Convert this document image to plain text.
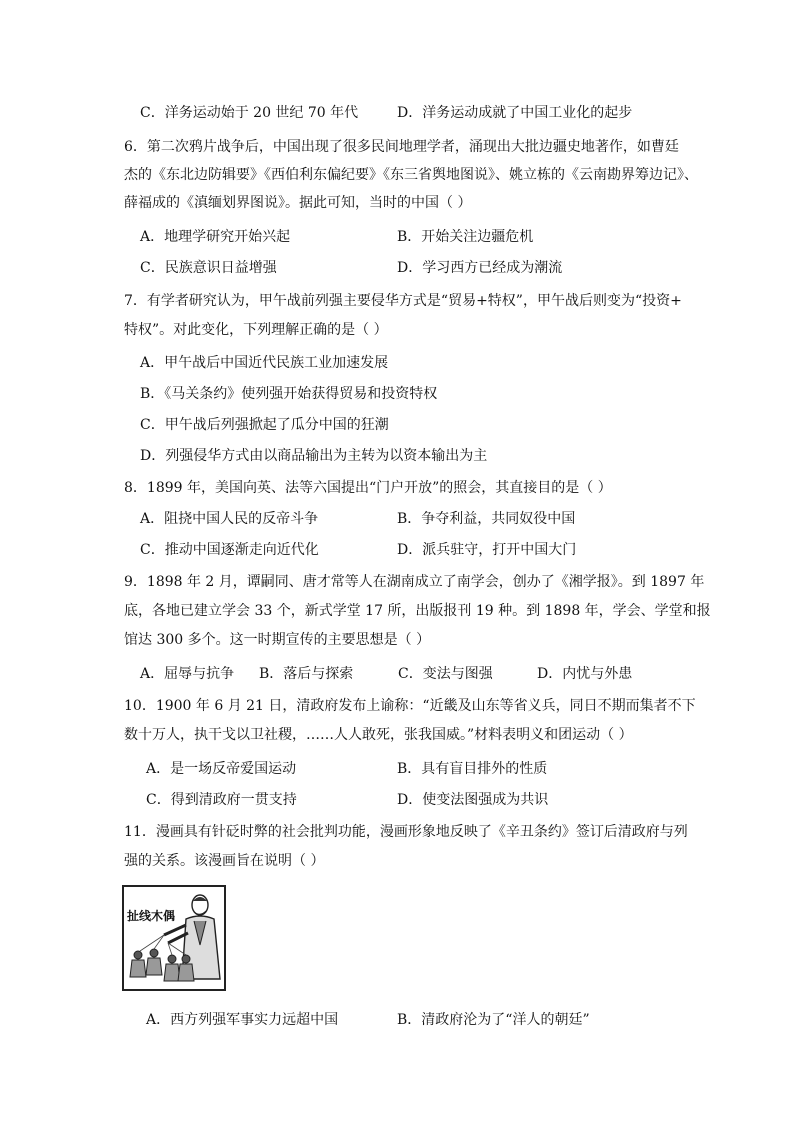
C．洋务运动始于 20 世纪 70 年代	D．洋务运动成就了中国工业化的起步
6．第二次鸦片战争后，中国出现了很多民间地理学者，涌现出大批边疆史地著作，如曹廷
杰的《东北边防辑要》《西伯利东偏纪要》《东三省舆地图说》、姚立栋的《云南勘界筹边记》、
薛福成的《滇缅划界图说》。据此可知，当时的中国（ ）
A．地理学研究开始兴起	B．开始关注边疆危机
C．民族意识日益增强	D．学习西方已经成为潮流
7．有学者研究认为，甲午战前列强主要侵华方式是“贸易+特权”，甲午战后则变为“投资+
特权”。对此变化，下列理解正确的是（ ）
A．甲午战后中国近代民族工业加速发展
B．《马关条约》使列强开始获得贸易和投资特权
C．甲午战后列强掀起了瓜分中国的狂潮
D．列强侵华方式由以商品输出为主转为以资本输出为主
8．1899 年，美国向英、法等六国提出“门户开放”的照会，其直接目的是（ ）
A．阻挠中国人民的反帝斗争	B．争夺利益，共同奴役中国
C．推动中国逐渐走向近代化	D．派兵驻守，打开中国大门
9．1898 年 2 月，谭嗣同、唐才常等人在湖南成立了南学会，创办了《湘学报》。到 1897 年
底，各地已建立学会 33 个，新式学堂 17 所，出版报刊 19 种。到 1898 年，学会、学堂和报
馆达 300 多个。这一时期宣传的主要思想是（ ）
A．屈辱与抗争 B．落后与探索	C．变法与图强	D．内忧与外患
10．1900 年 6 月 21 日，清政府发布上谕称：“近畿及山东等省义兵，同日不期而集者不下
数十万人，执干戈以卫社稷，……人人敢死，张我国威。”材料表明义和团运动（ ）
A．是一场反帝爱国运动	B．具有盲目排外的性质
C．得到清政府一贯支持	D．使变法图强成为共识
11．漫画具有针砭时弊的社会批判功能，漫画形象地反映了《辛丑条约》签订后清政府与列
强的关系。该漫画旨在说明（ ）
扯线木偶
A．西方列强军事实力远超中国	B．清政府沦为了“洋人的朝廷”
